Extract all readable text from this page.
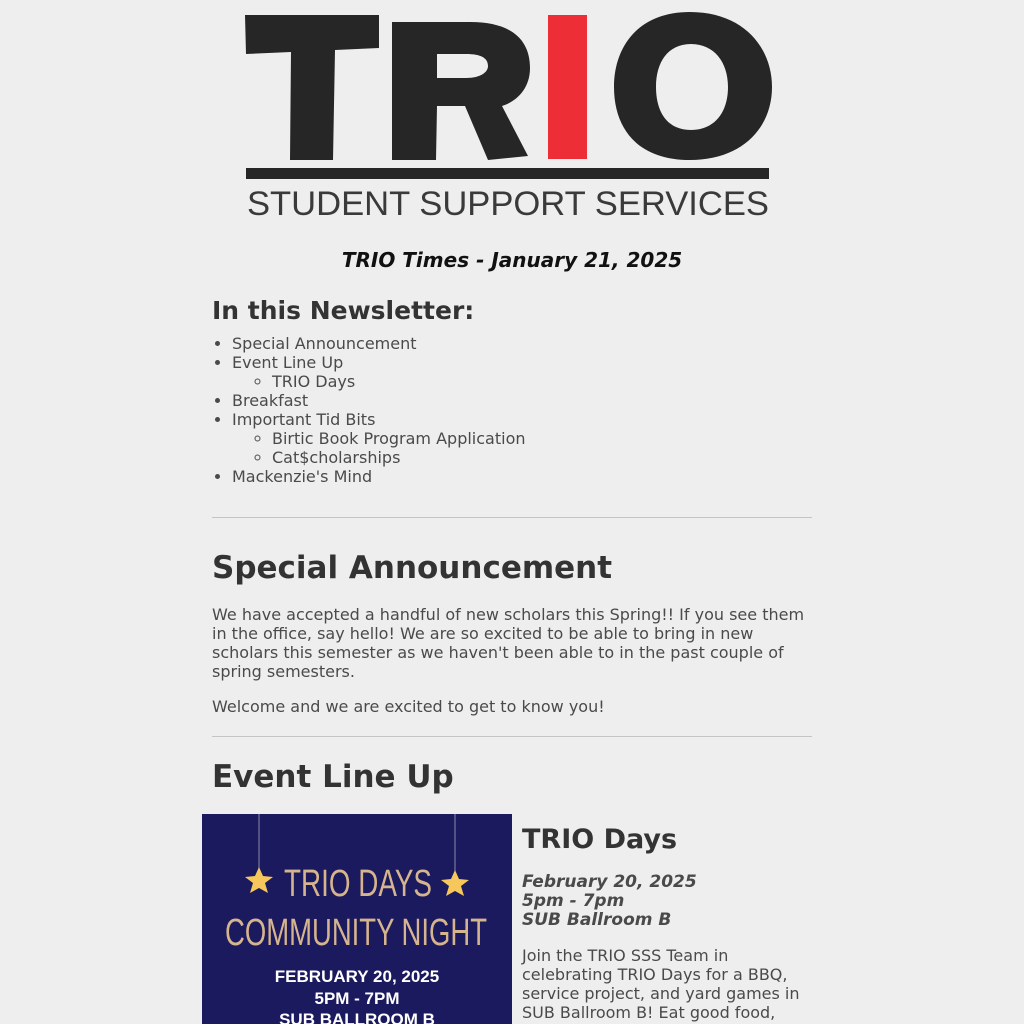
STUDENT SUPPORT SERVICES
TRIO Times - January 21, 2025
In this Newsletter:
• Special Announcement
• Event Line Up
◦ TRIO Days
• Breakfast
• Important Tid Bits
◦ Birtic Book Program Application
◦ Cat$cholarships
• Mackenzie's Mind
Special Announcement

We have accepted a handful of new scholars this Spring!! If you see them in the office, say hello! We are so excited to be able to bring in new scholars this semester as we haven't been able to in the past couple of spring semesters.

Welcome and we are excited to get to know you!

Event Line Up
TRIO DAYS
COMMUNITY NIGHT
FEBRUARY 20, 2025
5PM - 7PM
SUB BALLROOM B
TRIO Days
February 20, 2025
5pm - 7pm
SUB Ballroom B
Join the TRIO SSS Team in celebrating TRIO Days for a BBQ, service project, and yard games in SUB Ballroom B! Eat good food,
